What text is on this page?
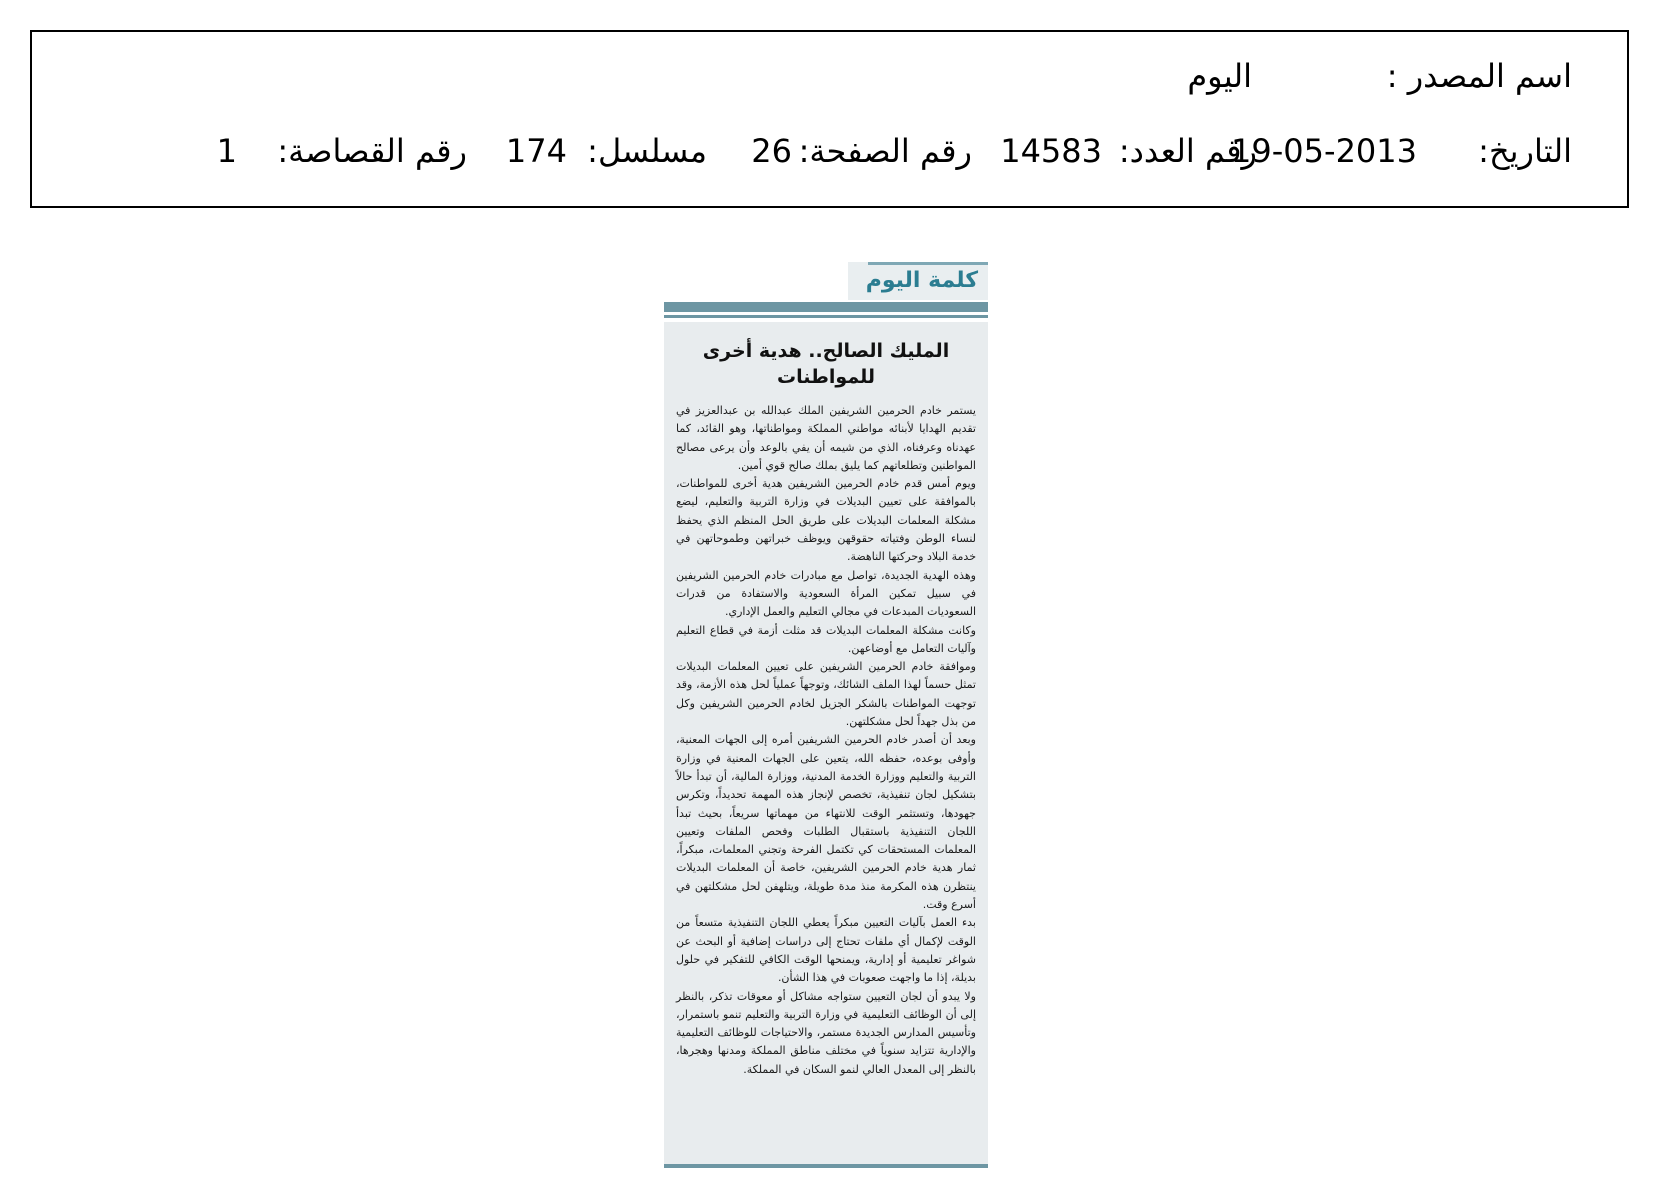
اسم المصدر :
اليوم
التاريخ:
19-05-2013
رقم العدد:
14583
رقم الصفحة:
26
مسلسل:
174
رقم القصاصة:
1
كلمة اليوم
المليك الصالح.. هدية أخرى للمواطنات

يستمر خادم الحرمين الشريفين الملك عبدالله بن عبدالعزيز في تقديم الهدايا لأبنائه مواطني المملكة ومواطناتها، وهو القائد، كما عهدناه وعرفناه، الذي من شيمه أن يفي بالوعد وأن يرعى مصالح المواطنين وتطلعاتهم كما يليق بملك صالح قوي أمين.

ويوم أمس قدم خادم الحرمين الشريفين هدية أخرى للمواطنات، بالموافقة على تعيين البديلات في وزارة التربية والتعليم، ليضع مشكلة المعلمات البديلات على طريق الحل المنظم الذي يحفظ لنساء الوطن وفتياته حقوقهن ويوظف خبراتهن وطموحاتهن في خدمة البلاد وحركتها الناهضة.

وهذه الهدية الجديدة، تواصل مع مبادرات خادم الحرمين الشريفين في سبيل تمكين المرأة السعودية والاستفادة من قدرات السعوديات المبدعات في مجالي التعليم والعمل الإداري.

وكانت مشكلة المعلمات البديلات قد مثلت أزمة في قطاع التعليم وآليات التعامل مع أوضاعهن.

وموافقة خادم الحرمين الشريفين على تعيين المعلمات البديلات تمثل حسماً لهذا الملف الشائك، وتوجهاً عملياً لحل هذه الأزمة، وقد توجهت المواطنات بالشكر الجزيل لخادم الحرمين الشريفين وكل من بذل جهداً لحل مشكلتهن.

وبعد أن أصدر خادم الحرمين الشريفين أمره إلى الجهات المعنية، وأوفى بوعده، حفظه الله، يتعين على الجهات المعنية في وزارة التربية والتعليم ووزارة الخدمة المدنية، ووزارة المالية، أن تبدأ حالاً بتشكيل لجان تنفيذية، تخصص لإنجاز هذه المهمة تحديداً، وتكرس جهودها، وتستثمر الوقت للانتهاء من مهماتها سريعاً، بحيث تبدأ اللجان التنفيذية باستقبال الطلبات وفحص الملفات وتعيين المعلمات المستحقات كي تكتمل الفرحة وتجني المعلمات، مبكراً، ثمار هدية خادم الحرمين الشريفين، خاصة أن المعلمات البديلات ينتظرن هذه المكرمة منذ مدة طويلة، ويتلهفن لحل مشكلتهن في أسرع وقت.

بدء العمل بآليات التعيين مبكراً يعطي اللجان التنفيذية متسعاً من الوقت لإكمال أي ملفات تحتاج إلى دراسات إضافية أو البحث عن شواغر تعليمية أو إدارية، ويمنحها الوقت الكافي للتفكير في حلول بديلة، إذا ما واجهت صعوبات في هذا الشأن.

ولا يبدو أن لجان التعيين ستواجه مشاكل أو معوقات تذكر، بالنظر إلى أن الوظائف التعليمية في وزارة التربية والتعليم تنمو باستمرار، وتأسيس المدارس الجديدة مستمر، والاحتياجات للوظائف التعليمية والإدارية تتزايد سنوياً في مختلف مناطق المملكة ومدنها وهجرها، بالنظر إلى المعدل العالي لنمو السكان في المملكة.
